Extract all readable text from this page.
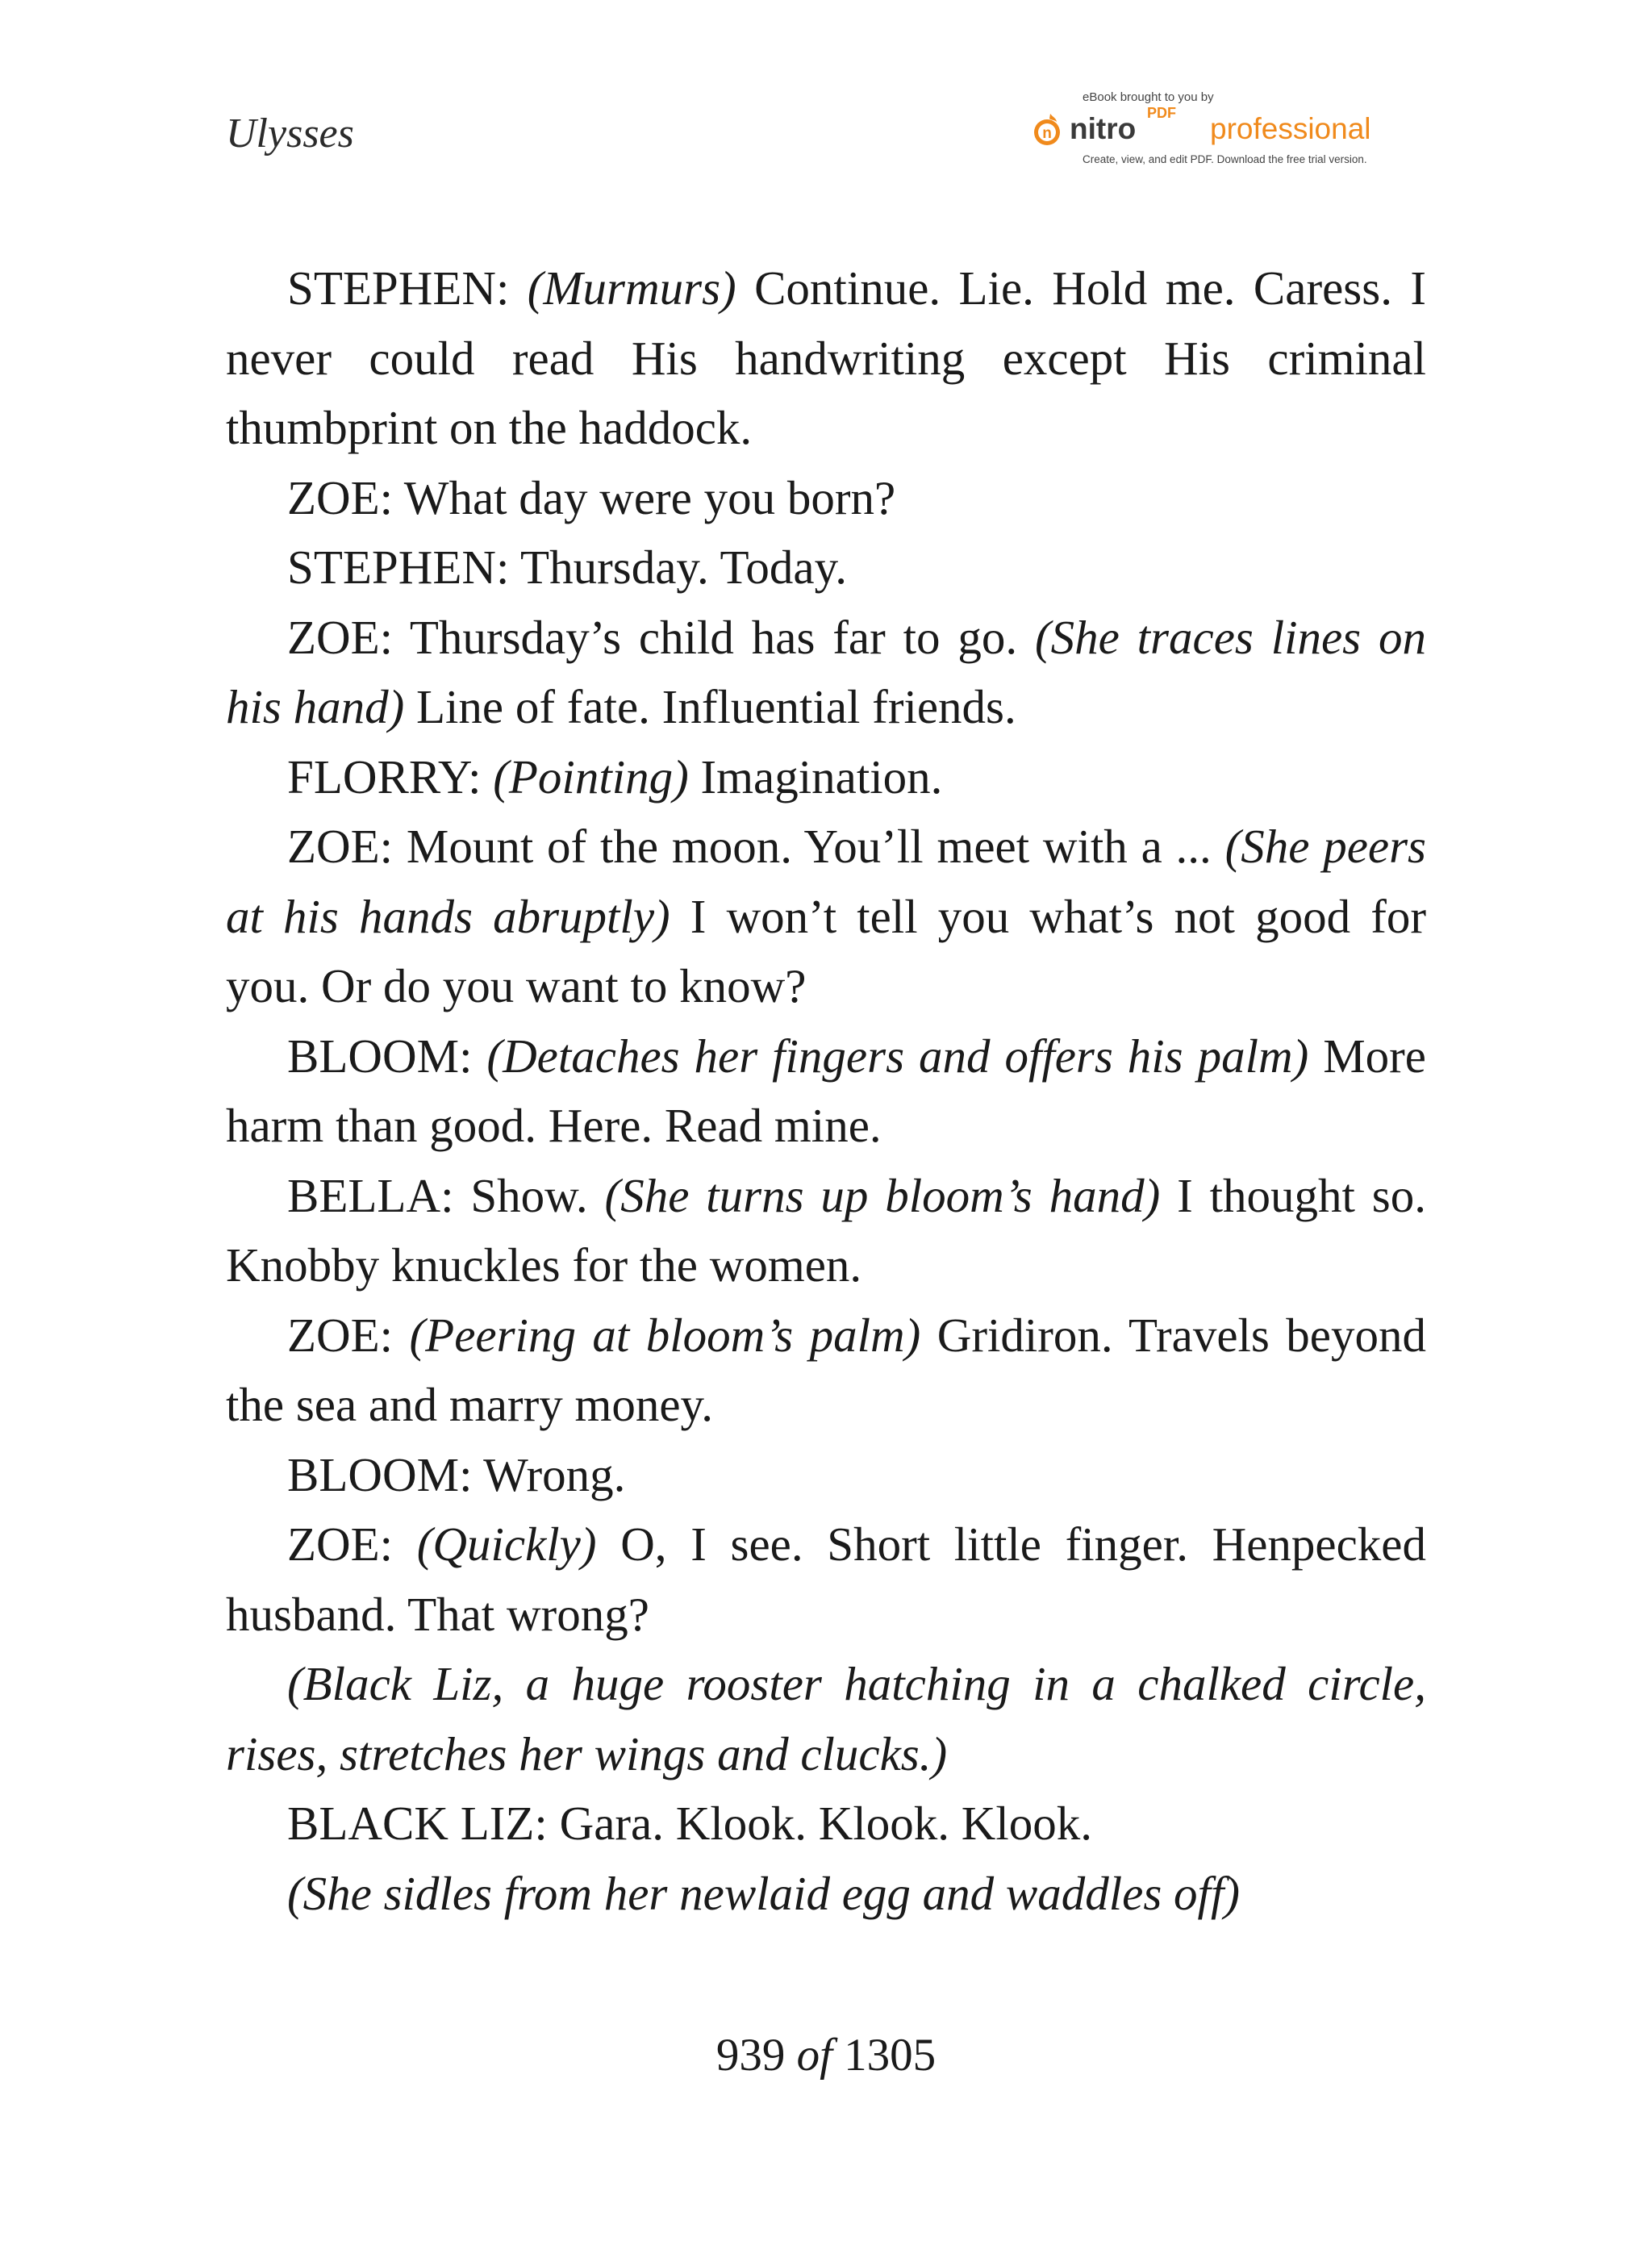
Ulysses
eBook brought to you by
n nitro PDF professional
Create, view, and edit PDF. Download the free trial version.

STEPHEN: (Murmurs) Continue. Lie. Hold me. Caress. I never could read His handwriting except His criminal thumbprint on the haddock.

ZOE: What day were you born?

STEPHEN: Thursday. Today.

ZOE: Thursday’s child has far to go. (She traces lines on his hand) Line of fate. Influential friends.

FLORRY: (Pointing) Imagination.

ZOE: Mount of the moon. You’ll meet with a ... (She peers at his hands abruptly) I won’t tell you what’s not good for you. Or do you want to know?

BLOOM: (Detaches her fingers and offers his palm) More harm than good. Here. Read mine.

BELLA: Show. (She turns up bloom’s hand) I thought so. Knobby knuckles for the women.

ZOE: (Peering at bloom’s palm) Gridiron. Travels beyond the sea and marry money.

BLOOM: Wrong.

ZOE: (Quickly) O, I see. Short little finger. Henpecked husband. That wrong?

(Black Liz, a huge rooster hatching in a chalked circle, rises, stretches her wings and clucks.)

BLACK LIZ: Gara. Klook. Klook. Klook.

(She sidles from her newlaid egg and waddles off)

939 of 1305
